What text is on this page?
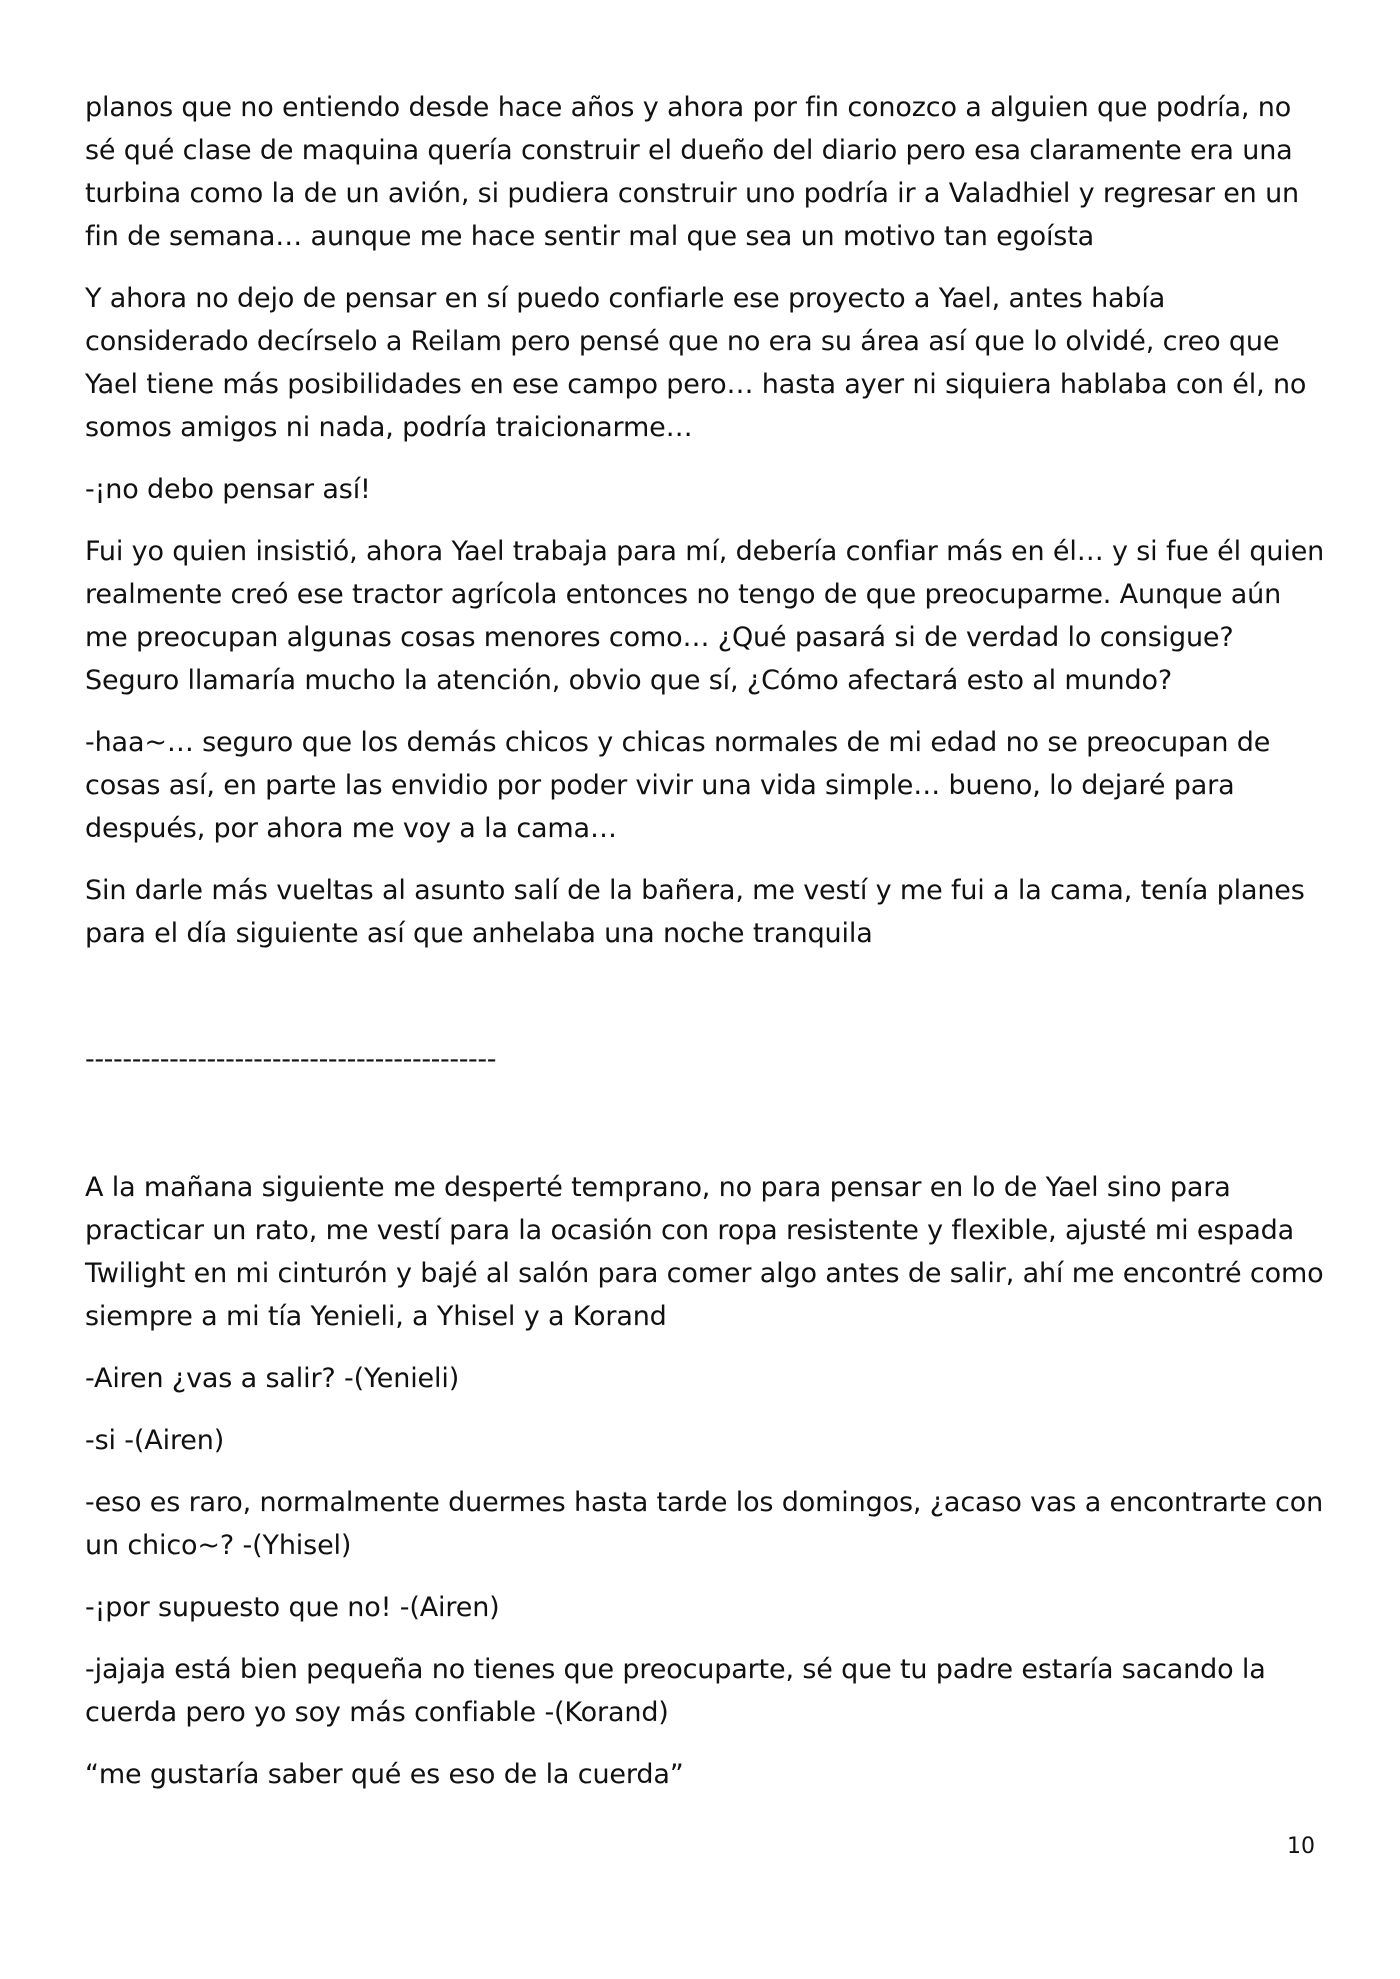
planos que no entiendo desde hace años y ahora por fin conozco a alguien que podría, no sé qué clase de maquina quería construir el dueño del diario pero esa claramente era una turbina como la de un avión, si pudiera construir uno podría ir a Valadhiel y regresar en un fin de semana… aunque me hace sentir mal que sea un motivo tan egoísta

Y ahora no dejo de pensar en sí puedo confiarle ese proyecto a Yael, antes había considerado decírselo a Reilam pero pensé que no era su área así que lo olvidé, creo que Yael tiene más posibilidades en ese campo pero… hasta ayer ni siquiera hablaba con él, no somos amigos ni nada, podría traicionarme…

-¡no debo pensar así!

Fui yo quien insistió, ahora Yael trabaja para mí, debería confiar más en él… y si fue él quien realmente creó ese tractor agrícola entonces no tengo de que preocuparme. Aunque aún me preocupan algunas cosas menores como… ¿Qué pasará si de verdad lo consigue? Seguro llamaría mucho la atención, obvio que sí, ¿Cómo afectará esto al mundo?

-haa~… seguro que los demás chicos y chicas normales de mi edad no se preocupan de cosas así, en parte las envidio por poder vivir una vida simple… bueno, lo dejaré para después, por ahora me voy a la cama…

Sin darle más vueltas al asunto salí de la bañera, me vestí y me fui a la cama, tenía planes para el día siguiente así que anhelaba una noche tranquila

--------------------------------------------

A la mañana siguiente me desperté temprano, no para pensar en lo de Yael sino para practicar un rato, me vestí para la ocasión con ropa resistente y flexible, ajusté mi espada Twilight en mi cinturón y bajé al salón para comer algo antes de salir, ahí me encontré como siempre a mi tía Yenieli, a Yhisel y a Korand

-Airen ¿vas a salir? -(Yenieli)

-si -(Airen)

-eso es raro, normalmente duermes hasta tarde los domingos, ¿acaso vas a encontrarte con un chico~? -(Yhisel)

-¡por supuesto que no! -(Airen)

-jajaja está bien pequeña no tienes que preocuparte, sé que tu padre estaría sacando la cuerda pero yo soy más confiable -(Korand)

“me gustaría saber qué es eso de la cuerda”

10
